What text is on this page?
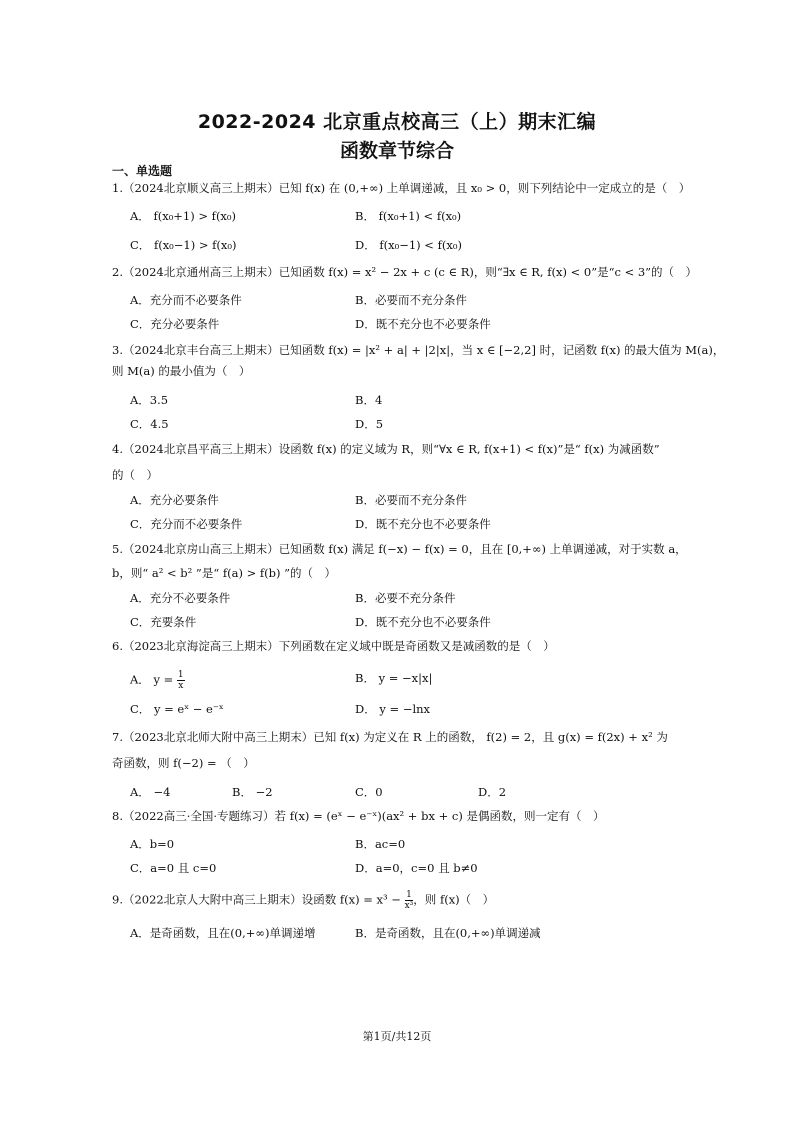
2022-2024 北京重点校高三（上）期末汇编
函数章节综合
一、单选题
1.（2024北京顺义高三上期末）已知 f(x) 在 (0,+∞) 上单调递减，且 x₀ > 0，则下列结论中一定成立的是（　）
A． f(x₀+1) > f(x₀)	B． f(x₀+1) < f(x₀)
C． f(x₀−1) > f(x₀)	D． f(x₀−1) < f(x₀)
2.（2024北京通州高三上期末）已知函数 f(x) = x² − 2x + c (c ∈ R)，则“∃x ∈ R, f(x) < 0”是“c < 3”的（　）
A．充分而不必要条件	B．必要而不充分条件
C．充分必要条件	D．既不充分也不必要条件
3.（2024北京丰台高三上期末）已知函数 f(x) = |x² + a| + |2|x|，当 x ∈ [−2,2] 时，记函数 f(x) 的最大值为 M(a)，
则 M(a) 的最小值为（　）
A．3.5	B．4
C．4.5	D．5
4.（2024北京昌平高三上期末）设函数 f(x) 的定义域为 R，则“∀x ∈ R, f(x+1) < f(x)”是“ f(x) 为减函数”
的（　）
A．充分必要条件	B．必要而不充分条件
C．充分而不必要条件	D．既不充分也不必要条件
5.（2024北京房山高三上期末）已知函数 f(x) 满足 f(−x) − f(x) = 0，且在 [0,+∞) 上单调递减，对于实数 a，
b，则“ a² < b² ”是“ f(a) > f(b) ”的（　）
A．充分不必要条件	B．必要不充分条件
C．充要条件	D．既不充分也不必要条件
6.（2023北京海淀高三上期末）下列函数在定义域中既是奇函数又是减函数的是（　）
A． $y = \frac{1}{x}$	B． y = −x|x|
C． y = eˣ − e⁻ˣ	D． y = −lnx
7.（2023北京北师大附中高三上期末）已知 f(x) 为定义在 R 上的函数， f(2) = 2，且 g(x) = f(2x) + x² 为
奇函数，则 f(−2) = （　）
A． −4	B． −2	C．0	D．2
8.（2022高三·全国·专题练习）若 f(x) = (eˣ − e⁻ˣ)(ax² + bx + c) 是偶函数，则一定有（　）
A．b=0	B．ac=0
C．a=0 且 c=0	D．a=0，c=0 且 b≠0
9.（2022北京人大附中高三上期末）设函数 $f(x) = x^3 - \frac{1}{\text{x³}}$ ，则 f(x)（　）
A．是奇函数，且在(0,+∞)单调递增	B．是奇函数，且在(0,+∞)单调递减
第1页/共12页
